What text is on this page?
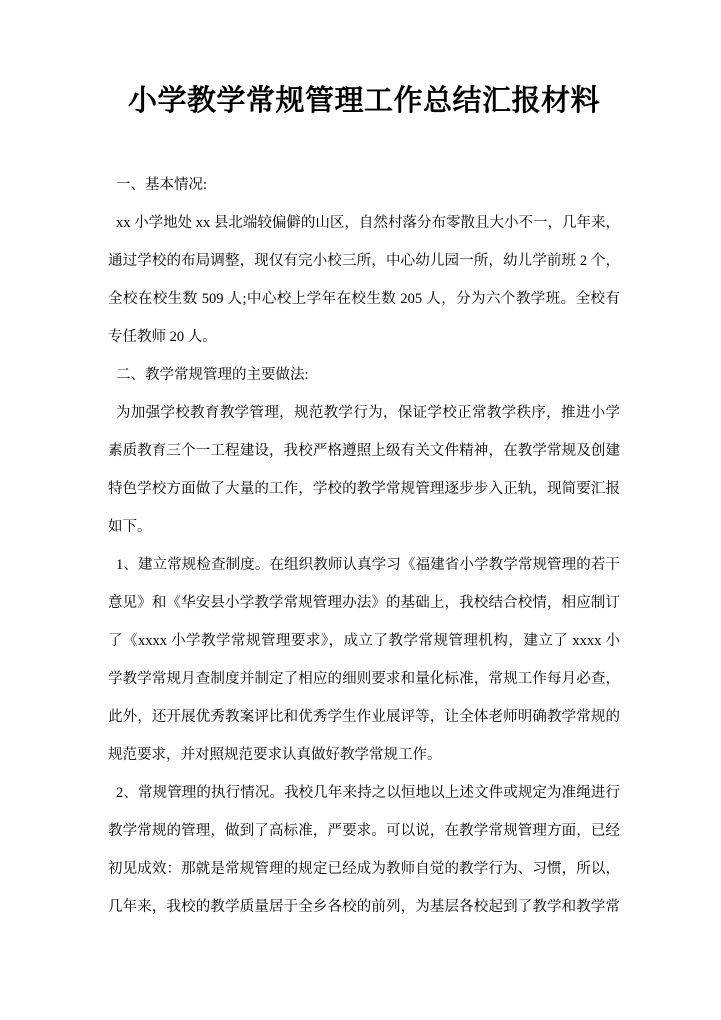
小学教学常规管理工作总结汇报材料
一、基本情况:
xx 小学地处 xx 县北端较偏僻的山区，自然村落分布零散且大小不一，几年来，
通过学校的布局调整，现仅有完小校三所，中心幼儿园一所，幼儿学前班 2 个，
全校在校生数 509 人;中心校上学年在校生数 205 人，分为六个教学班。全校有
专任教师 20 人。
二、教学常规管理的主要做法:
为加强学校教育教学管理，规范教学行为，保证学校正常教学秩序，推进小学
素质教育三个一工程建设，我校严格遵照上级有关文件精神，在教学常规及创建
特色学校方面做了大量的工作，学校的教学常规管理逐步步入正轨，现简要汇报
如下。
1、建立常规检查制度。在组织教师认真学习《福建省小学教学常规管理的若干
意见》和《华安县小学教学常规管理办法》的基础上，我校结合校情，相应制订
了《xxxx 小学教学常规管理要求》，成立了教学常规管理机构，建立了 xxxx 小
学教学常规月查制度并制定了相应的细则要求和量化标准，常规工作每月必查，
此外，还开展优秀教案评比和优秀学生作业展评等，让全体老师明确教学常规的
规范要求，并对照规范要求认真做好教学常规工作。
2、常规管理的执行情况。我校几年来持之以恒地以上述文件或规定为准绳进行
教学常规的管理，做到了高标准，严要求。可以说，在教学常规管理方面，已经
初见成效：那就是常规管理的规定已经成为教师自觉的教学行为、习惯，所以，
几年来，我校的教学质量居于全乡各校的前列，为基层各校起到了教学和教学常
